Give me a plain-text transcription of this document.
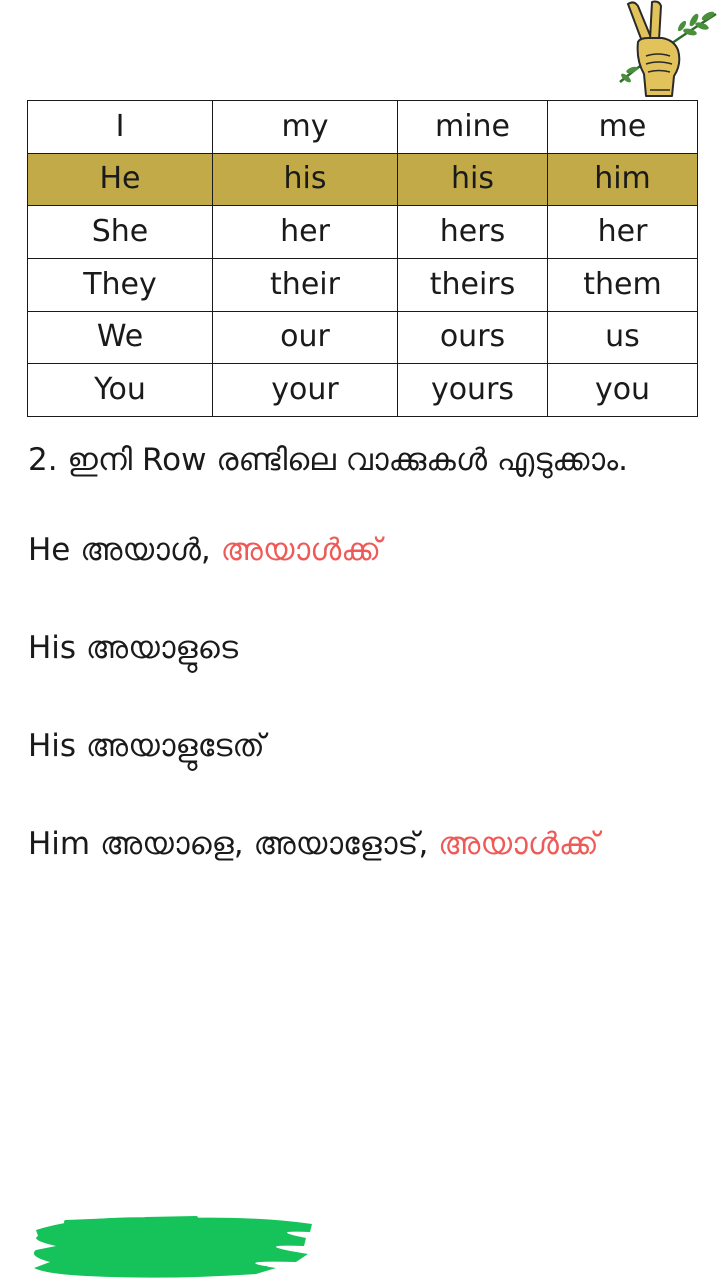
I	my	mine	me
He	his	his	him
She	her	hers	her
They	their	theirs	them
We	our	ours	us
You	your	yours	you

2. ഇനി Row രണ്ടിലെ വാക്കുകൾ എടുക്കാം.

He അയാൾ, അയാൾക്ക്

His അയാളുടെ

His അയാളുടേത്

Him അയാളെ, അയാളോട്, അയാൾക്ക്
